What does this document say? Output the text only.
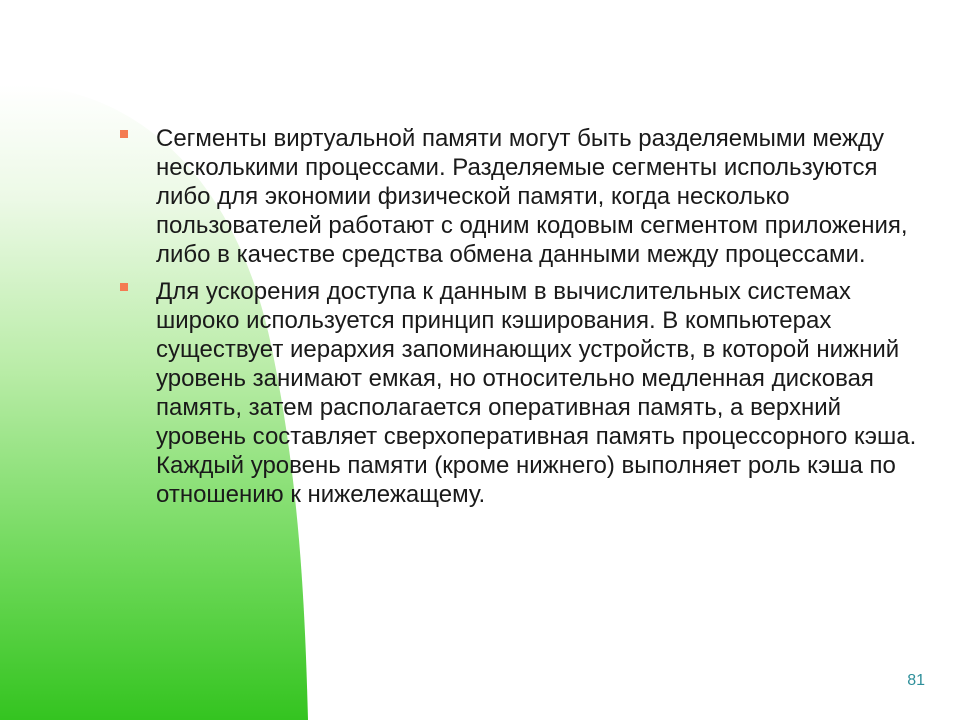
Сегменты виртуальной памяти могут быть разделяемыми между несколькими процессами. Разделяемые сегменты используются либо для экономии физической памяти, когда несколько пользователей работают с одним кодовым сегментом приложения, либо в качестве средства обмена данными между процессами.
Для ускорения доступа к данным в вычислительных системах широко используется принцип кэширования. В компьютерах существует иерархия запоминающих устройств, в которой нижний уровень занимают емкая, но относительно медленная дисковая память, затем располагается оперативная память, а верхний уровень составляет сверхоперативная память процессорного кэша. Каждый уровень памяти (кроме нижнего) выполняет роль кэша по отношению к нижележащему.
81
